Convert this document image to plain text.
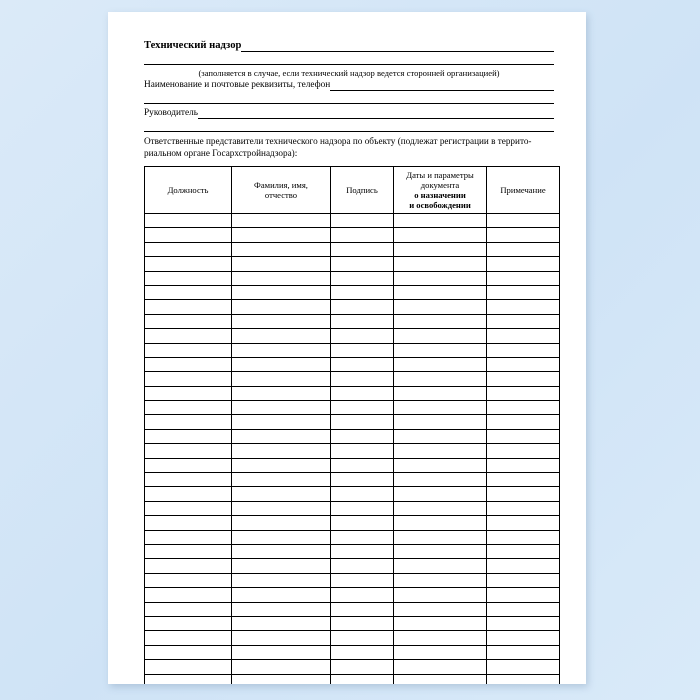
Технический надзор
(заполняется в случае, если технический надзор ведется сторонней организацией)
Наименование и почтовые реквизиты, телефон
Руководитель
Ответственные представители технического надзора по объекту (подлежат регистрации в террито-риальном органе Госархстройнадзора):
Должность	Фамилия, имя,
отчество	Подпись	Даты и параметры
документа

о назначении
и освобождении	Примечание
